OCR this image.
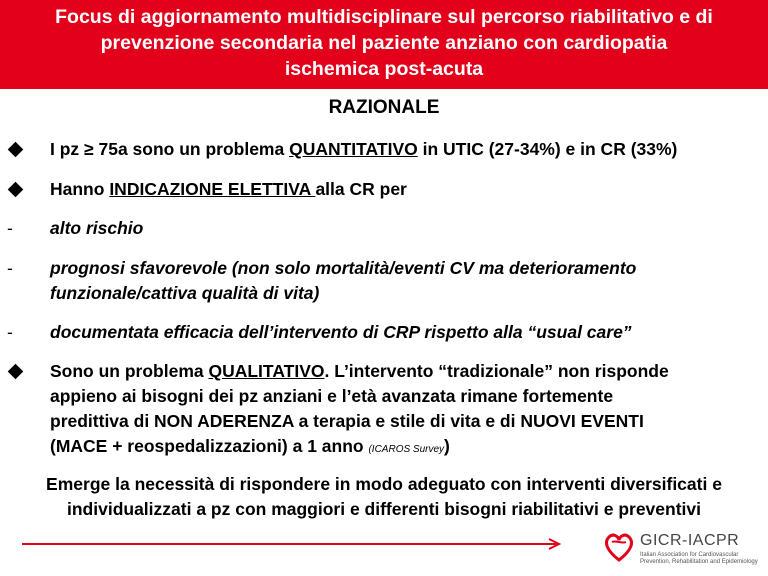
Focus di aggiornamento multidisciplinare sul percorso riabilitativo e di
prevenzione secondaria nel paziente anziano con cardiopatia
ischemica post-acuta
RAZIONALE
I pz ≥ 75a sono un problema QUANTITATIVO in UTIC (27-34%) e in CR (33%)
Hanno INDICAZIONE ELETTIVA alla CR per
- alto rischio
- prognosi sfavorevole (non solo mortalità/eventi CV ma deterioramento
funzionale/cattiva qualità di vita)
- documentata efficacia dell’intervento di CRP rispetto alla “usual care”
Sono un problema QUALITATIVO. L’intervento “tradizionale” non risponde
appieno ai bisogni dei pz anziani e l’età avanzata rimane fortemente
predittiva di NON ADERENZA a terapia e stile di vita e di NUOVI EVENTI
(MACE + reospedalizzazioni) a 1 anno (ICAROS Survey)
Emerge la necessità di rispondere in modo adeguato con interventi diversificati e
individualizzati a pz con maggiori e differenti bisogni riabilitativi e preventivi
GICR-IACPR
Italian Association for Cardiovascular Prevention, Rehabilitation and Epidemiology
